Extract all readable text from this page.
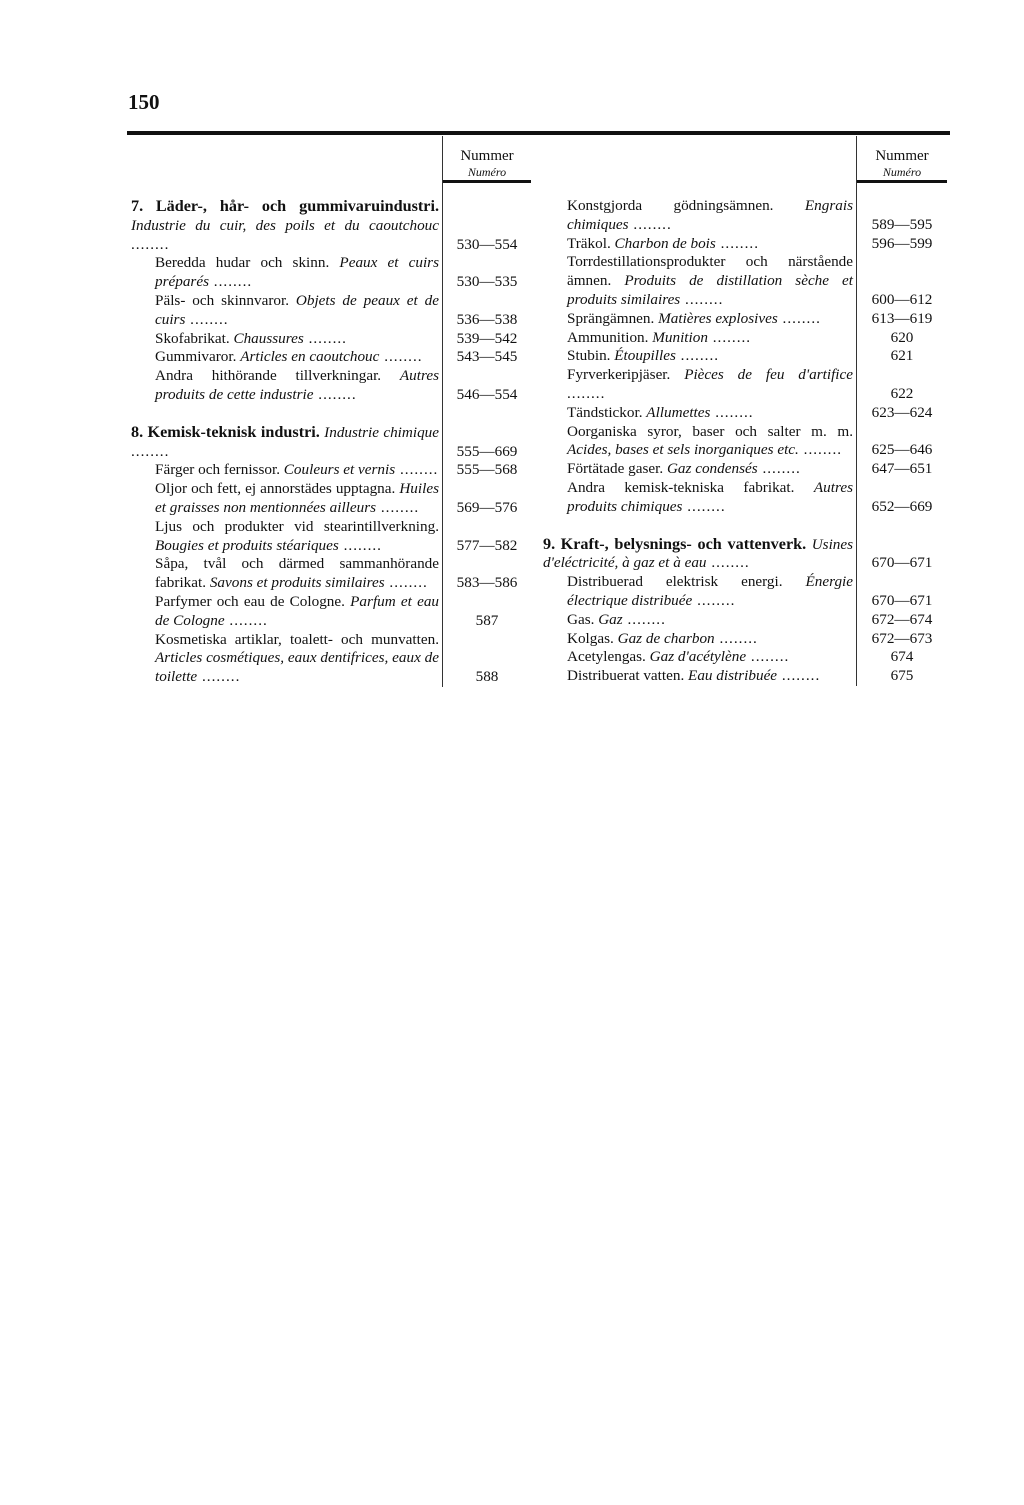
150
Nummer
Numéro
7. Läder-, hår- och gummivaruindustri. Industrie du cuir, des poils et du caoutchouc ........	530—554
Beredda hudar och skinn. Peaux et cuirs préparés ........	530—535
Päls- och skinnvaror. Objets de peaux et de cuirs ........	536—538
Skofabrikat. Chaussures ........	539—542
Gummivaror. Articles en caoutchouc ........	543—545
Andra hithörande tillverkningar. Autres produits de cette industrie ........	546—554
8. Kemisk-teknisk industri. Industrie chimique ........	555—669
Färger och fernissor. Couleurs et vernis ........	555—568
Oljor och fett, ej annorstädes upptagna. Huiles et graisses non mentionnées ailleurs ........	569—576
Ljus och produkter vid stearintillverkning. Bougies et produits stéariques ........	577—582
Såpa, tvål och därmed sammanhörande fabrikat. Savons et produits similaires ........	583—586
Parfymer och eau de Cologne. Parfum et eau de Cologne ........	587
Kosmetiska artiklar, toalett- och munvatten. Articles cosmétiques, eaux dentifrices, eaux de toilette ........	588
Nummer
Numéro
Konstgjorda gödningsämnen. Engrais chimiques ........	589—595
Träkol. Charbon de bois ........	596—599
Torrdestillationsprodukter och närstående ämnen. Produits de distillation sèche et produits similaires ........	600—612
Sprängämnen. Matières explosives ........	613—619
Ammunition. Munition ........	620
Stubin. Étoupilles ........	621
Fyrverkeripjäser. Pièces de feu d'artifice ........	622
Tändstickor. Allumettes ........	623—624
Oorganiska syror, baser och salter m. m. Acides, bases et sels inorganiques etc. ........	625—646
Förtätade gaser. Gaz condensés ........	647—651
Andra kemisk-tekniska fabrikat. Autres produits chimiques ........	652—669
9. Kraft-, belysnings- och vattenverk. Usines d'eléctricité, à gaz et à eau ........	670—671
Distribuerad elektrisk energi. Énergie électrique distribuée ........	670—671
Gas. Gaz ........	672—674
Kolgas. Gaz de charbon ........	672—673
Acetylengas. Gaz d'acétylène ........	674
Distribuerat vatten. Eau distribuée ........	675
